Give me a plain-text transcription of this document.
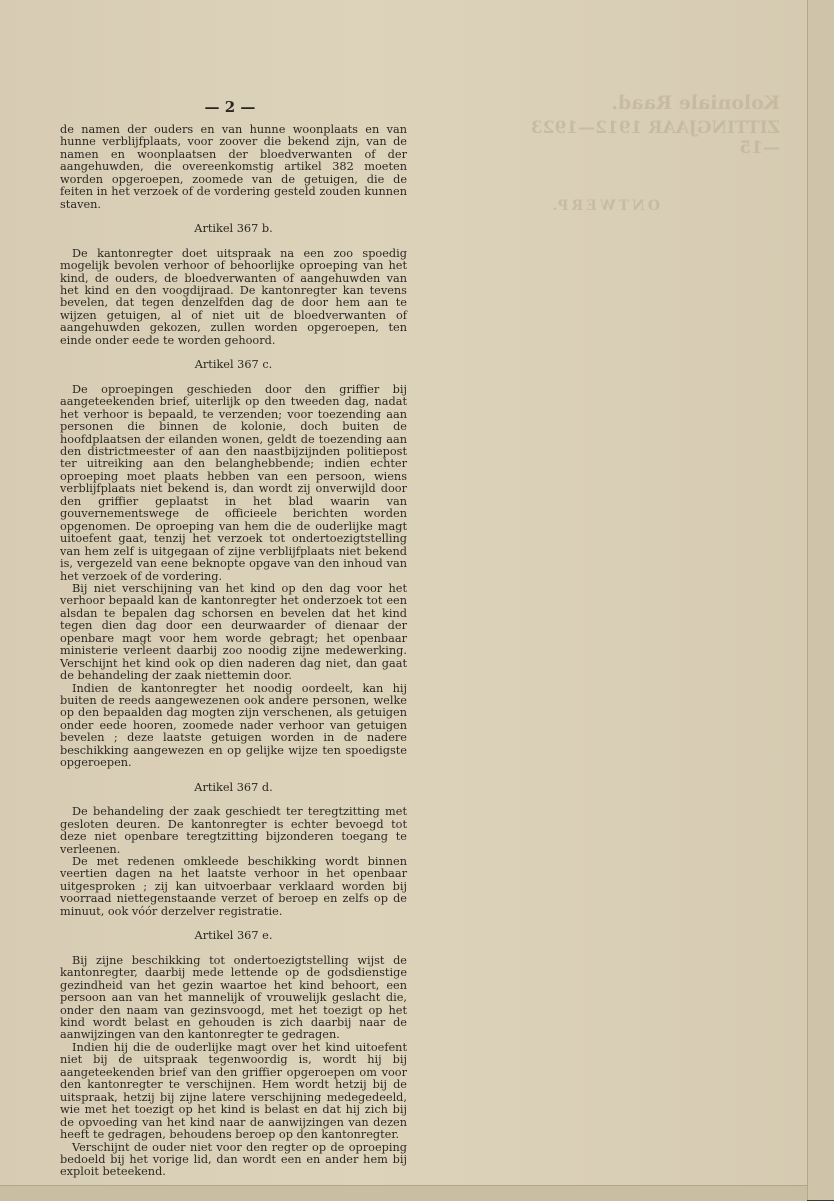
Koloniale Raad.
ZITTINGJAAR 1912—1923—15
ONTWERP.
— 2 —

de namen der ouders en van hunne woonplaats en van hunne verblijfplaats, voor zoover die bekend zijn, van de namen en woonplaatsen der bloedverwanten of der aangehuwden, die overeenkomstig artikel 382 moeten worden opgeroepen, zoomede van de getuigen, die de feiten in het verzoek of de vordering gesteld zouden kunnen staven.

Artikel 367 b.

De kantonregter doet uitspraak na een zoo spoedig mogelijk bevolen verhoor of behoorlijke oproeping van het kind, de ouders, de bloedverwanten of aangehuwden van het kind en den voogdijraad. De kantonregter kan tevens bevelen, dat tegen denzelfden dag de door hem aan te wijzen getuigen, al of niet uit de bloedverwanten of aangehuwden gekozen, zullen worden opgeroepen, ten einde onder eede te worden gehoord.

Artikel 367 c.

De oproepingen geschieden door den griffier bij aangeteekenden brief, uiterlijk op den tweeden dag, nadat het verhoor is bepaald, te verzenden; voor toezending aan personen die binnen de kolonie, doch buiten de hoofdplaatsen der eilanden wonen, geldt de toezending aan den districtmeester of aan den naastbijzijnden politiepost ter uitreiking aan den belanghebbende; indien echter oproeping moet plaats hebben van een persoon, wiens verblijfplaats niet bekend is, dan wordt zij onverwijld door den griffier geplaatst in het blad waarin van gouvernementswege de officieele berichten worden opgenomen. De oproeping van hem die de ouderlijke magt uitoefent gaat, tenzij het verzoek tot ondertoezigtstelling van hem zelf is uitgegaan of zijne verblijfplaats niet bekend is, vergezeld van eene beknopte opgave van den inhoud van het verzoek of de vordering.

Bij niet verschijning van het kind op den dag voor het verhoor bepaald kan de kantonregter het onderzoek tot een alsdan te bepalen dag schorsen en bevelen dat het kind tegen dien dag door een deurwaarder of dienaar der openbare magt voor hem worde gebragt; het openbaar ministerie verleent daarbij zoo noodig zijne medewerking. Verschijnt het kind ook op dien naderen dag niet, dan gaat de behandeling der zaak niettemin door.

Indien de kantonregter het noodig oordeelt, kan hij buiten de reeds aangewezenen ook andere personen, welke op den bepaalden dag mogten zijn verschenen, als getuigen onder eede hooren, zoomede nader verhoor van getuigen bevelen ; deze laatste getuigen worden in de nadere beschikking aangewezen en op gelijke wijze ten spoedigste opgeroepen.

Artikel 367 d.

De behandeling der zaak geschiedt ter teregtzitting met gesloten deuren. De kantonregter is echter bevoegd tot deze niet openbare teregtzitting bijzonderen toegang te verleenen.

De met redenen omkleede beschikking wordt binnen veertien dagen na het laatste verhoor in het openbaar uitgesproken ; zij kan uitvoerbaar verklaard worden bij voorraad niettegenstaande verzet of beroep en zelfs op de minuut, ook vóór derzelver registratie.

Artikel 367 e.

Bij zijne beschikking tot ondertoezigtstelling wijst de kantonregter, daarbij mede lettende op de godsdienstige gezindheid van het gezin waartoe het kind behoort, een persoon aan van het mannelijk of vrouwelijk geslacht die, onder den naam van gezinsvoogd, met het toezigt op het kind wordt belast en gehouden is zich daarbij naar de aanwijzingen van den kantonregter te gedragen.

Indien hij die de ouderlijke magt over het kind uitoefent niet bij de uitspraak tegenwoordig is, wordt hij bij aangeteekenden brief van den griffier opgeroepen om voor den kantonregter te verschijnen. Hem wordt hetzij bij de uitspraak, hetzij bij zijne latere verschijning medegedeeld, wie met het toezigt op het kind is belast en dat hij zich bij de opvoeding van het kind naar de aanwijzingen van dezen heeft te gedragen, behoudens beroep op den kantonregter.

Verschijnt de ouder niet voor den regter op de oproeping bedoeld bij het vorige lid, dan wordt een en ander hem bij exploit beteekend.
